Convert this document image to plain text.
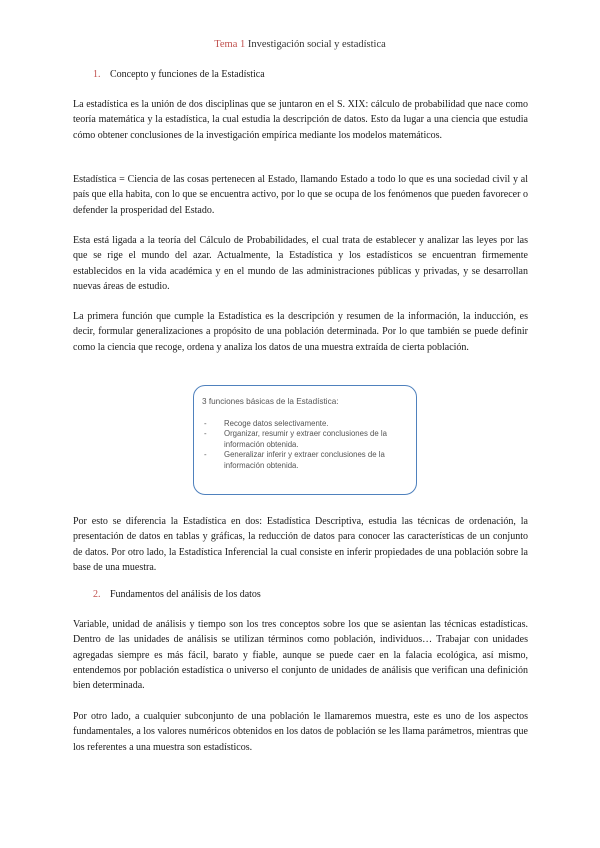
Tema 1 Investigación social y estadística
1. Concepto y funciones de la Estadística
La estadística es la unión de dos disciplinas que se juntaron en el S. XIX: cálculo de probabilidad que nace como teoría matemática y la estadística, la cual estudia la descripción de datos. Esto da lugar a una ciencia que estudia cómo obtener conclusiones de la investigación empírica mediante los modelos matemáticos.
Estadística = Ciencia de las cosas pertenecen al Estado, llamando Estado a todo lo que es una sociedad civil y al país que ella habita, con lo que se encuentra activo, por lo que se ocupa de los fenómenos que pueden favorecer o defender la prosperidad del Estado.
Esta está ligada a la teoría del Cálculo de Probabilidades, el cual trata de establecer y analizar las leyes por las que se rige el mundo del azar. Actualmente, la Estadística y los estadísticos se encuentran firmemente establecidos en la vida académica y en el mundo de las administraciones públicas y privadas, y se desarrollan nuevas áreas de estudio.
La primera función que cumple la Estadística es la descripción y resumen de la información, la inducción, es decir, formular generalizaciones a propósito de una población determinada. Por lo que también se puede definir como la ciencia que recoge, ordena y analiza los datos de una muestra extraída de cierta población.
3 funciones básicas de la Estadística:
-	Recoge datos selectivamente.
-	Organizar, resumir y extraer conclusiones de la información obtenida.
-	Generalizar inferir y extraer conclusiones de la información obtenida.
Por esto se diferencia la Estadística en dos: Estadística Descriptiva, estudia las técnicas de ordenación, la presentación de datos en tablas y gráficas, la reducción de datos para conocer las características de un conjunto de datos. Por otro lado, la Estadística Inferencial la cual consiste en inferir propiedades de una población sobre la base de una muestra.
2. Fundamentos del análisis de los datos
Variable, unidad de análisis y tiempo son los tres conceptos sobre los que se asientan las técnicas estadísticas. Dentro de las unidades de análisis se utilizan términos como población, individuos… Trabajar con unidades agregadas siempre es más fácil, barato y fiable, aunque se puede caer en la falacia ecológica, así mismo, entendemos por población estadística o universo el conjunto de unidades de análisis que verifican una definición bien determinada.
Por otro lado, a cualquier subconjunto de una población le llamaremos muestra, este es uno de los aspectos fundamentales, a los valores numéricos obtenidos en los datos de población se les llama parámetros, mientras que los referentes a una muestra son estadísticos.
